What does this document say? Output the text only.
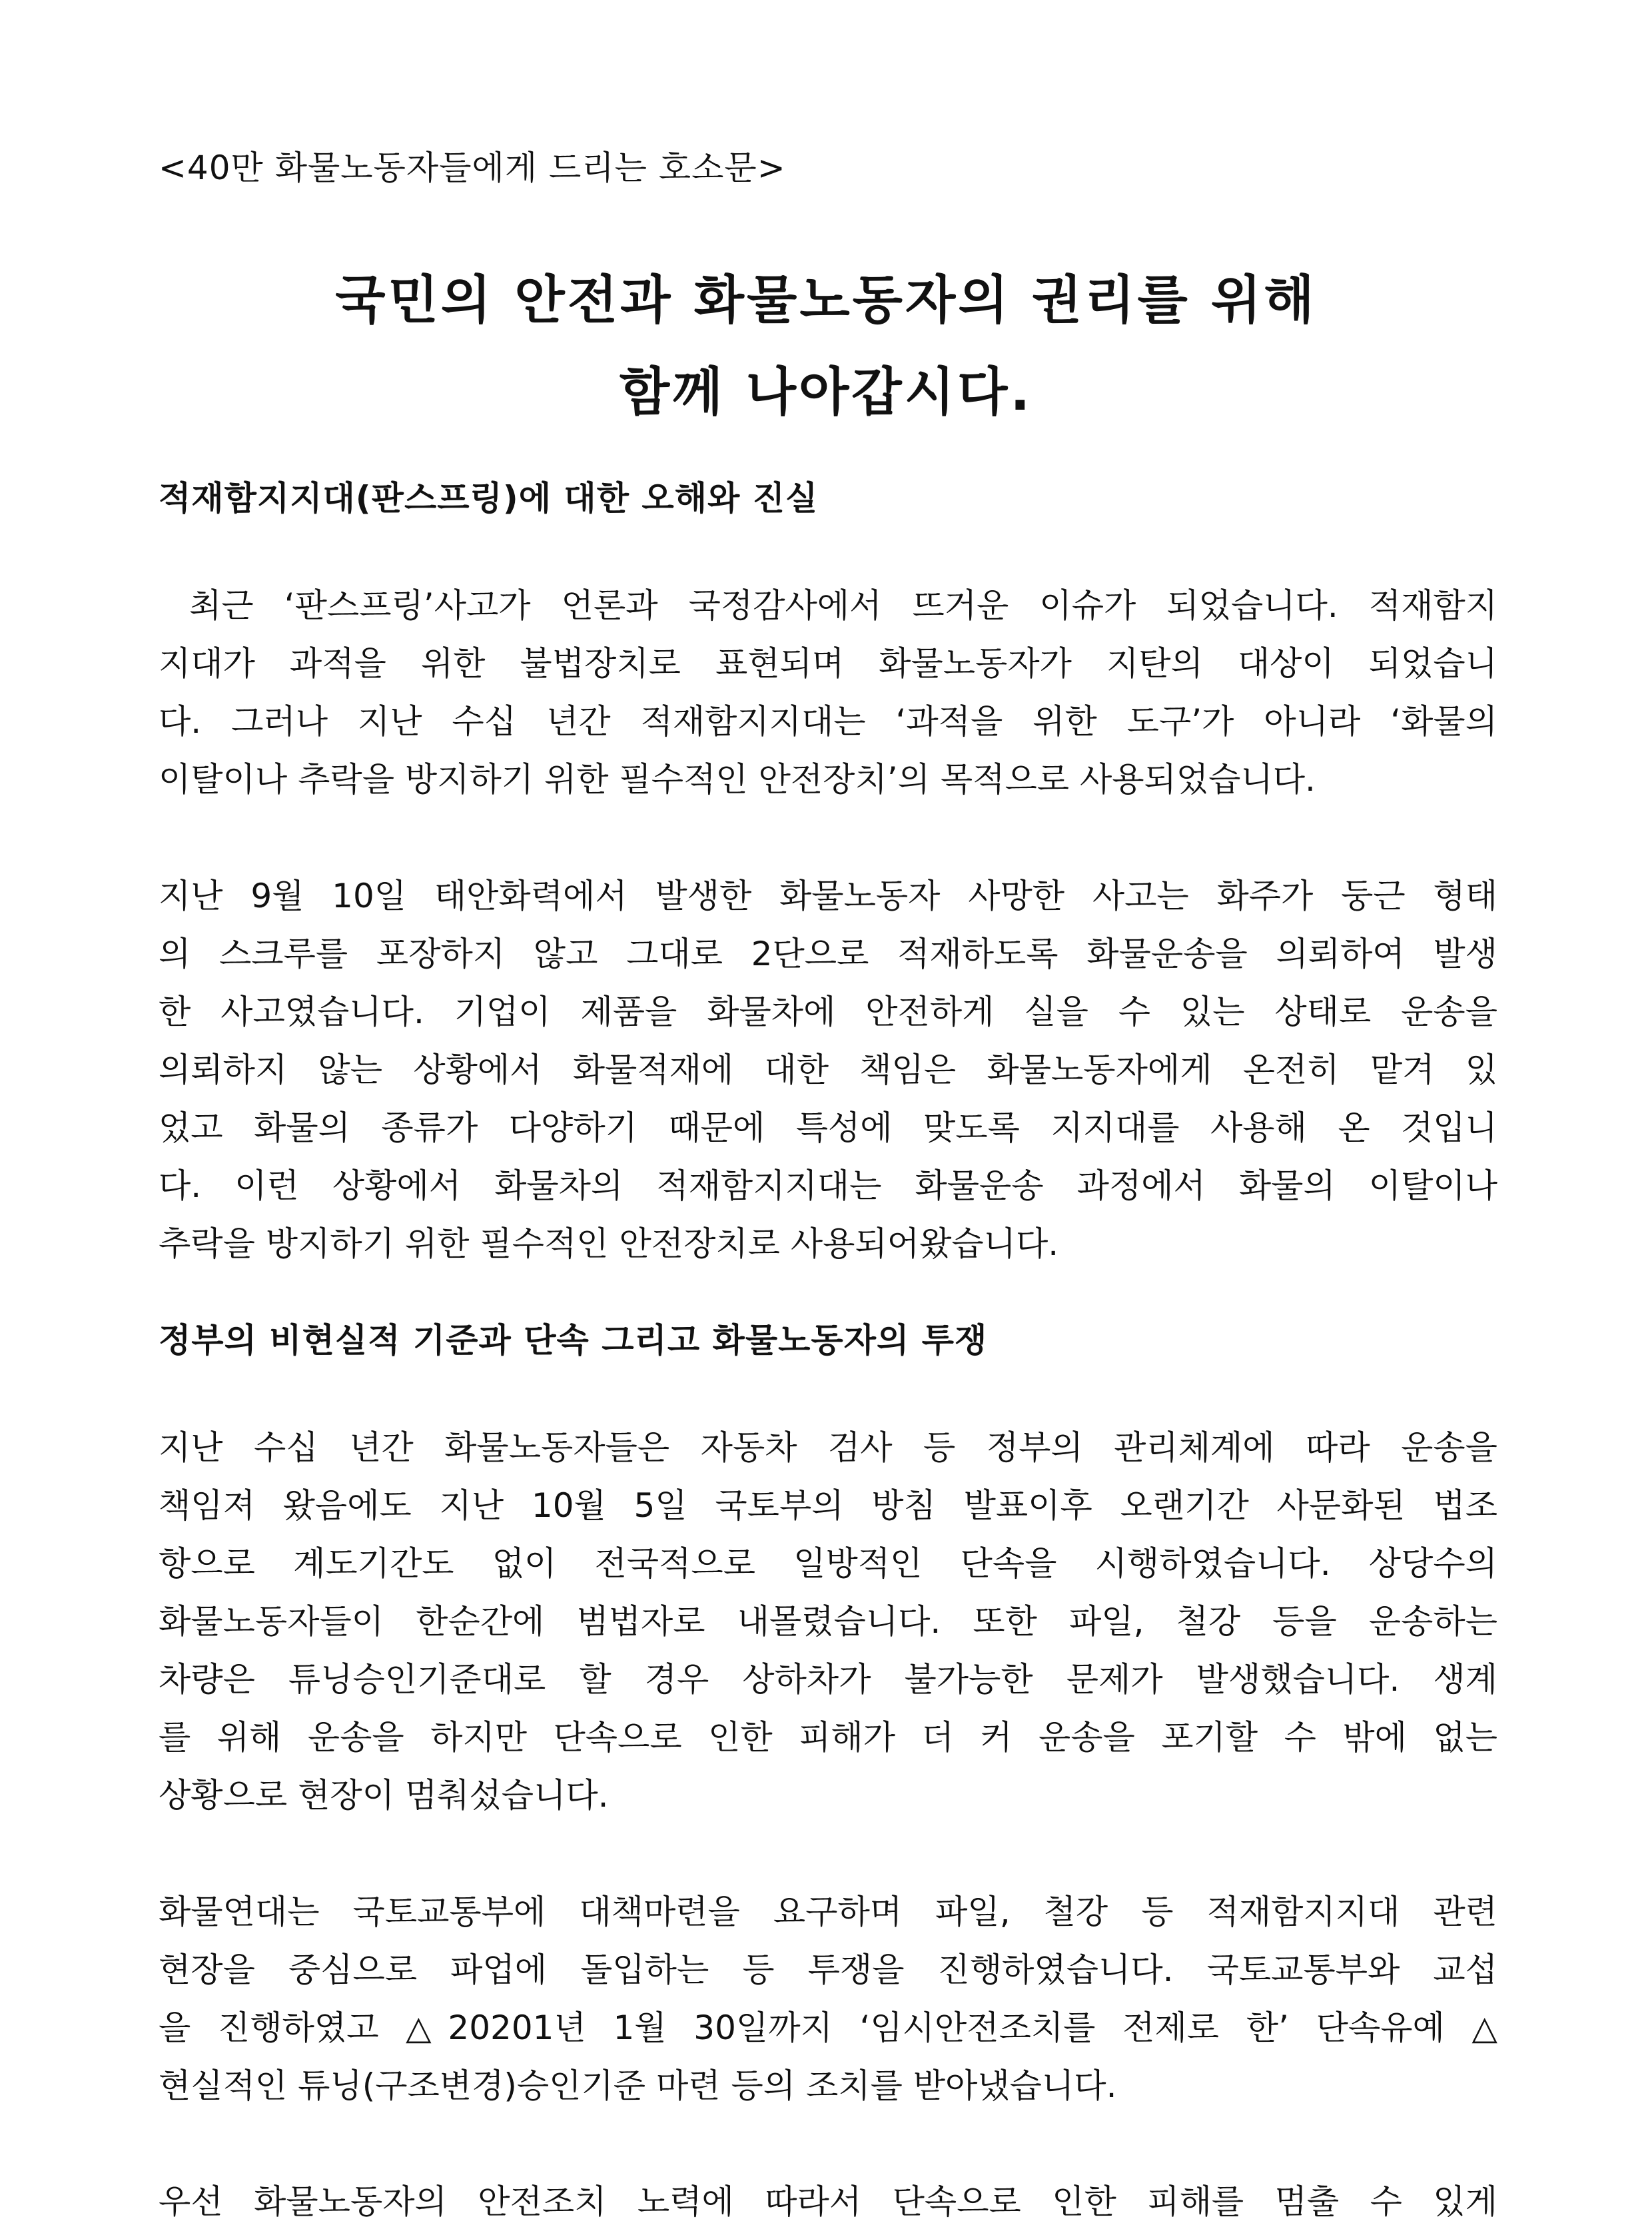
<40만 화물노동자들에게 드리는 호소문>
국민의 안전과 화물노동자의 권리를 위해
함께 나아갑시다.
적재함지지대(판스프링)에 대한 오해와 진실
최근 ‘판스프링’사고가 언론과 국정감사에서 뜨거운 이슈가 되었습니다. 적재함지
지대가 과적을 위한 불법장치로 표현되며 화물노동자가 지탄의 대상이 되었습니
다. 그러나 지난 수십 년간 적재함지지대는 ‘과적을 위한 도구’가 아니라 ‘화물의
이탈이나 추락을 방지하기 위한 필수적인 안전장치’의 목적으로 사용되었습니다.
지난 9월 10일 태안화력에서 발생한 화물노동자 사망한 사고는 화주가 둥근 형태
의 스크루를 포장하지 않고 그대로 2단으로 적재하도록 화물운송을 의뢰하여 발생
한 사고였습니다. 기업이 제품을 화물차에 안전하게 실을 수 있는 상태로 운송을
의뢰하지 않는 상황에서 화물적재에 대한 책임은 화물노동자에게 온전히 맡겨 있
었고 화물의 종류가 다양하기 때문에 특성에 맞도록 지지대를 사용해 온 것입니
다. 이런 상황에서 화물차의 적재함지지대는 화물운송 과정에서 화물의 이탈이나
추락을 방지하기 위한 필수적인 안전장치로 사용되어왔습니다.
정부의 비현실적 기준과 단속 그리고 화물노동자의 투쟁
지난 수십 년간 화물노동자들은 자동차 검사 등 정부의 관리체계에 따라 운송을
책임져 왔음에도 지난 10월 5일 국토부의 방침 발표이후 오랜기간 사문화된 법조
항으로 계도기간도 없이 전국적으로 일방적인 단속을 시행하였습니다. 상당수의
화물노동자들이 한순간에 범법자로 내몰렸습니다. 또한 파일, 철강 등을 운송하는
차량은 튜닝승인기준대로 할 경우 상하차가 불가능한 문제가 발생했습니다. 생계
를 위해 운송을 하지만 단속으로 인한 피해가 더 커 운송을 포기할 수 밖에 없는
상황으로 현장이 멈춰섰습니다.
화물연대는 국토교통부에 대책마련을 요구하며 파일, 철강 등 적재함지지대 관련
현장을 중심으로 파업에 돌입하는 등 투쟁을 진행하였습니다. 국토교통부와 교섭
을 진행하였고 △20201년 1월 30일까지 ‘임시안전조치를 전제로 한’ 단속유예 △
현실적인 튜닝(구조변경)승인기준 마련 등의 조치를 받아냈습니다.
우선 화물노동자의 안전조치 노력에 따라서 단속으로 인한 피해를 멈출 수 있게
